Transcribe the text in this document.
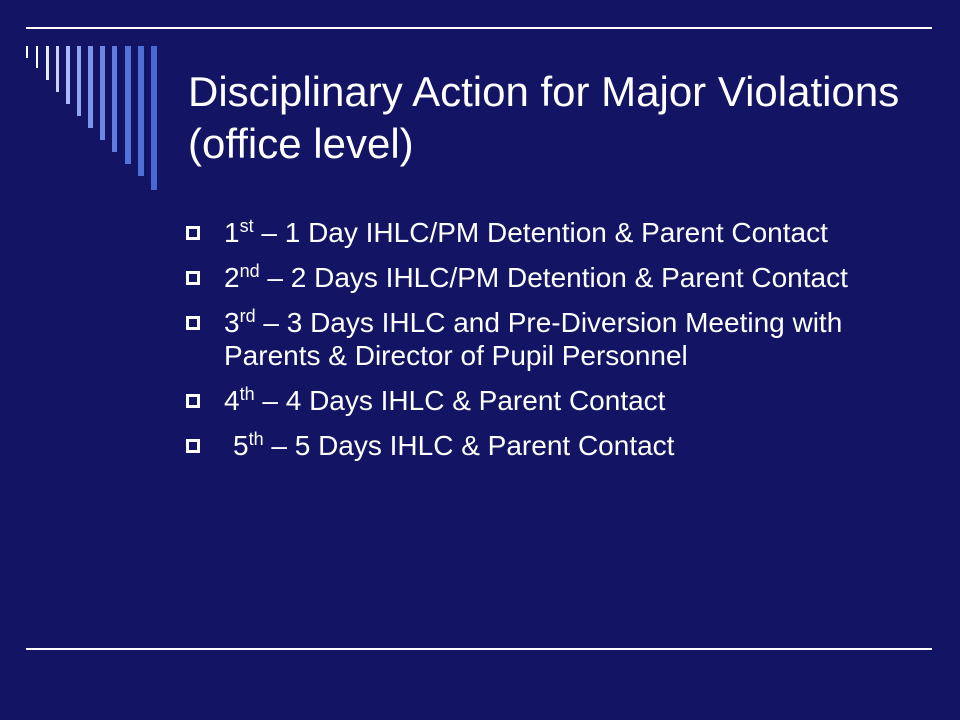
Disciplinary Action for Major Violations (office level)
1st – 1 Day IHLC/PM Detention & Parent Contact
2nd – 2 Days IHLC/PM Detention & Parent Contact
3rd – 3 Days IHLC and Pre-Diversion Meeting with Parents & Director of Pupil Personnel
4th – 4 Days IHLC & Parent Contact
5th – 5 Days IHLC & Parent Contact
